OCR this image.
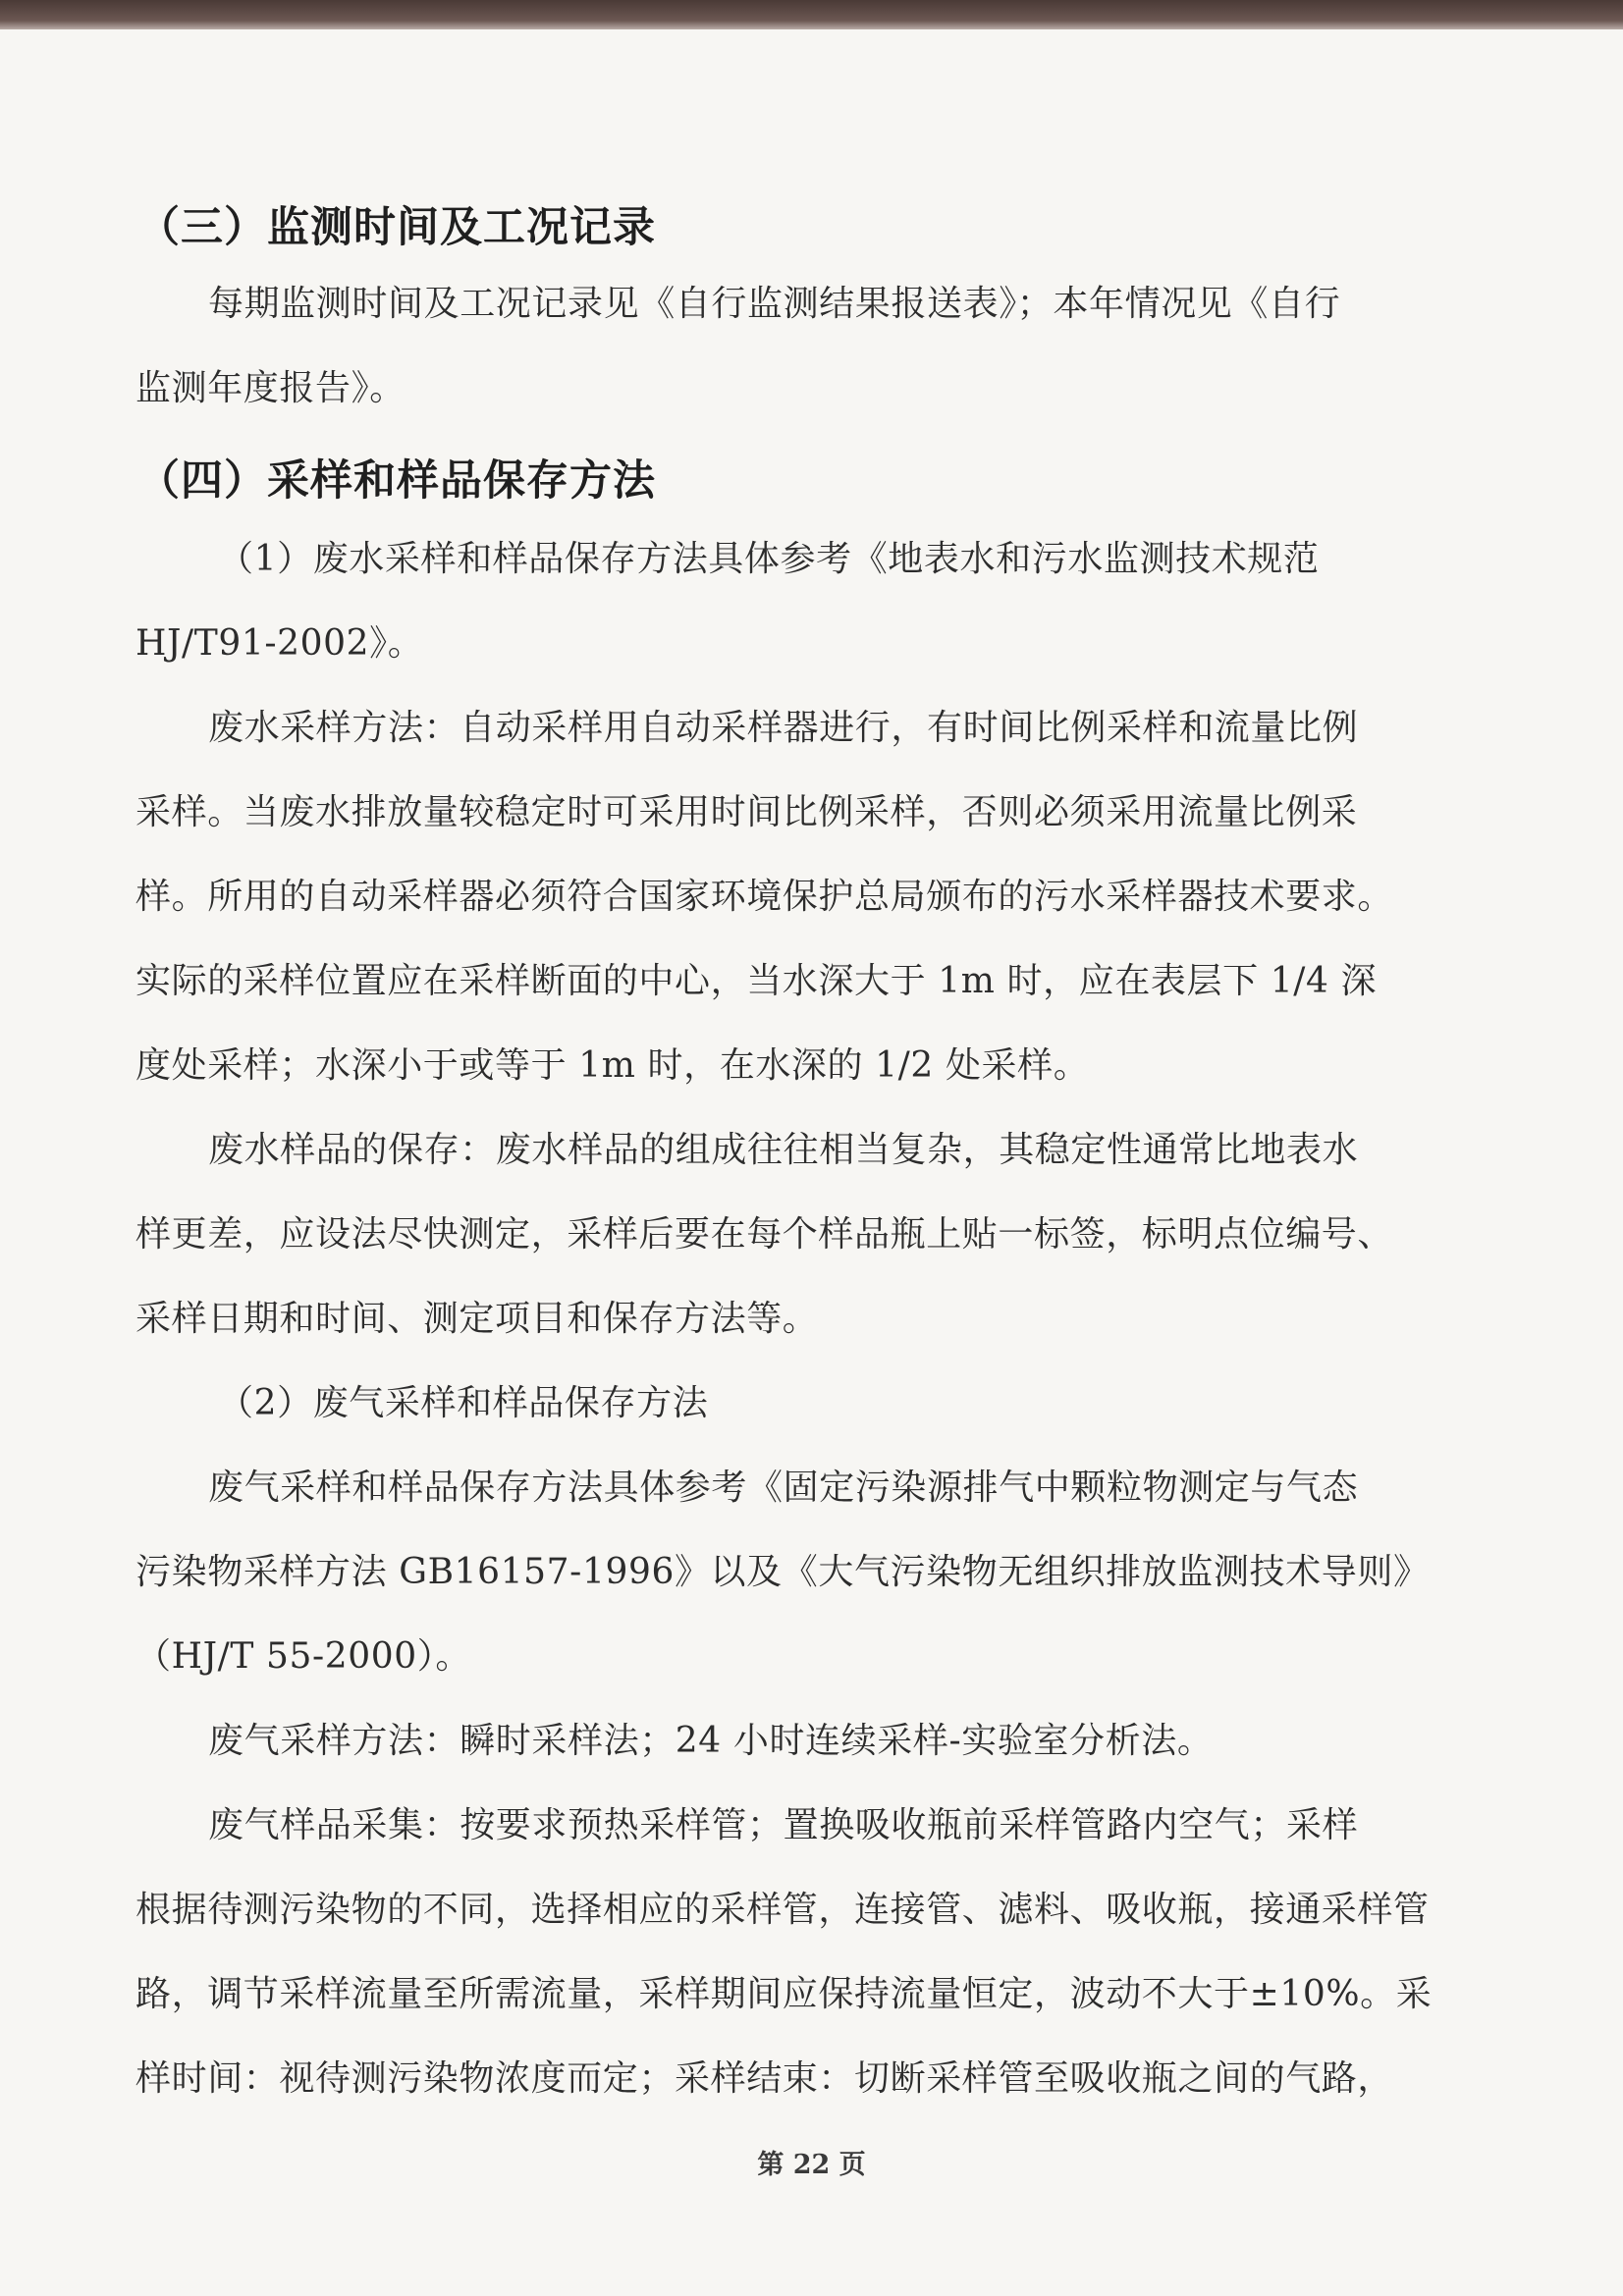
（三）监测时间及工况记录
每期监测时间及工况记录见《自行监测结果报送表》；本年情况见《自行
监测年度报告》。
（四）采样和样品保存方法
（1）废水采样和样品保存方法具体参考《地表水和污水监测技术规范
HJ/T91-2002》。
废水采样方法：自动采样用自动采样器进行，有时间比例采样和流量比例
采样。当废水排放量较稳定时可采用时间比例采样，否则必须采用流量比例采
样。所用的自动采样器必须符合国家环境保护总局颁布的污水采样器技术要求。
实际的采样位置应在采样断面的中心，当水深大于 1m 时，应在表层下 1/4 深
度处采样；水深小于或等于 1m 时，在水深的 1/2 处采样。
废水样品的保存：废水样品的组成往往相当复杂，其稳定性通常比地表水
样更差，应设法尽快测定，采样后要在每个样品瓶上贴一标签，标明点位编号、
采样日期和时间、测定项目和保存方法等。
（2）废气采样和样品保存方法
废气采样和样品保存方法具体参考《固定污染源排气中颗粒物测定与气态
污染物采样方法 GB16157-1996》以及《大气污染物无组织排放监测技术导则》
（HJ/T 55-2000）。
废气采样方法：瞬时采样法；24 小时连续采样-实验室分析法。
废气样品采集：按要求预热采样管；置换吸收瓶前采样管路内空气；采样
根据待测污染物的不同，选择相应的采样管，连接管、滤料、吸收瓶，接通采样管
路，调节采样流量至所需流量，采样期间应保持流量恒定，波动不大于±10%。采
样时间：视待测污染物浓度而定；采样结束：切断采样管至吸收瓶之间的气路，
第 22 页
